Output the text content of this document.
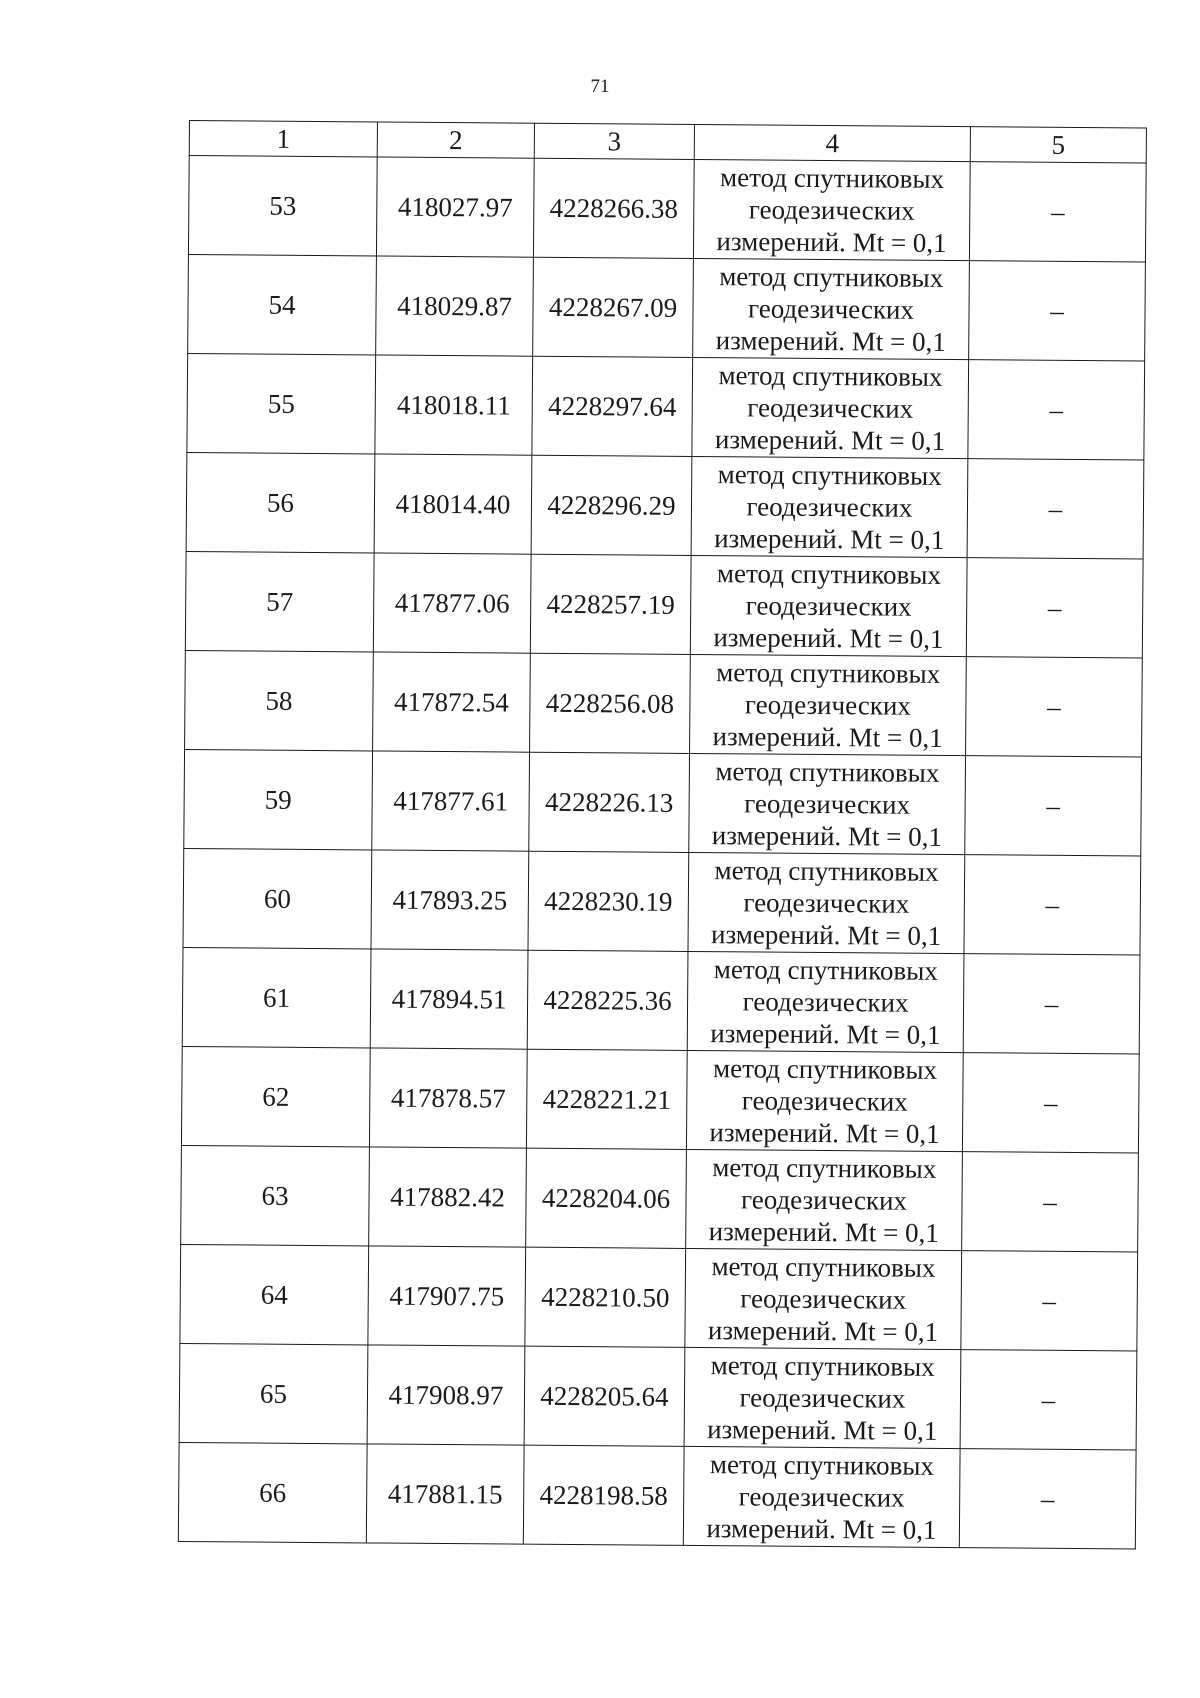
71
1	2	3	4	5
53	418027.97	4228266.38	метод спутниковых
геодезических
измерений. Mt = 0,1	–
54	418029.87	4228267.09	метод спутниковых
геодезических
измерений. Mt = 0,1	–
55	418018.11	4228297.64	метод спутниковых
геодезических
измерений. Mt = 0,1	–
56	418014.40	4228296.29	метод спутниковых
геодезических
измерений. Mt = 0,1	–
57	417877.06	4228257.19	метод спутниковых
геодезических
измерений. Mt = 0,1	–
58	417872.54	4228256.08	метод спутниковых
геодезических
измерений. Mt = 0,1	–
59	417877.61	4228226.13	метод спутниковых
геодезических
измерений. Mt = 0,1	–
60	417893.25	4228230.19	метод спутниковых
геодезических
измерений. Mt = 0,1	–
61	417894.51	4228225.36	метод спутниковых
геодезических
измерений. Mt = 0,1	–
62	417878.57	4228221.21	метод спутниковых
геодезических
измерений. Mt = 0,1	–
63	417882.42	4228204.06	метод спутниковых
геодезических
измерений. Mt = 0,1	–
64	417907.75	4228210.50	метод спутниковых
геодезических
измерений. Mt = 0,1	–
65	417908.97	4228205.64	метод спутниковых
геодезических
измерений. Mt = 0,1	–
66	417881.15	4228198.58	метод спутниковых
геодезических
измерений. Mt = 0,1	–
